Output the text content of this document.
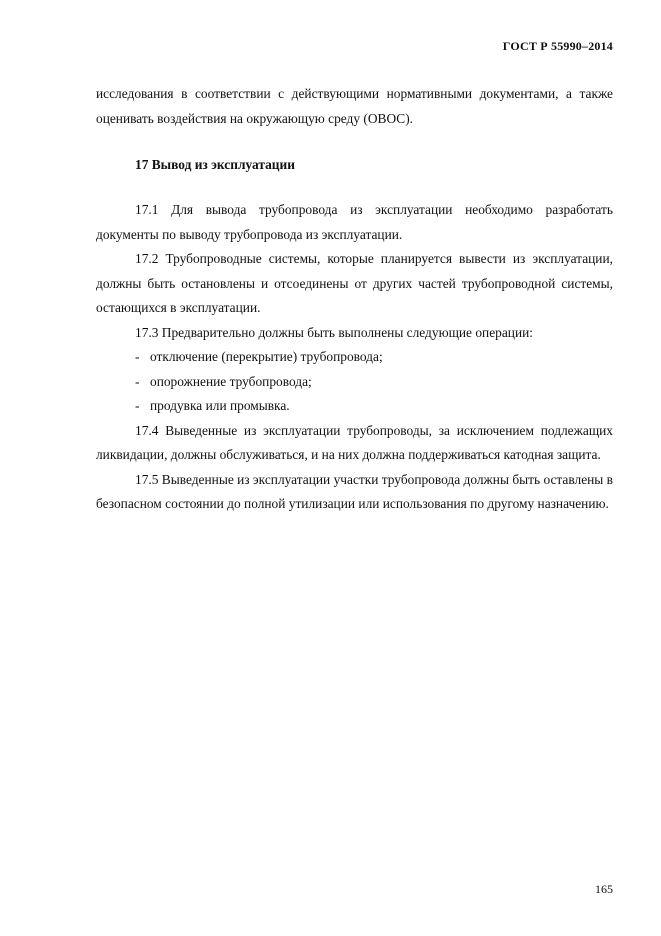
ГОСТ Р 55990–2014

исследования в соответствии с действующими нормативными документами, а также оценивать воздействия на окружающую среду (ОВОС).

17 Вывод из эксплуатации

17.1 Для вывода трубопровода из эксплуатации необходимо разработать документы по выводу трубопровода из эксплуатации.

17.2 Трубопроводные системы, которые планируется вывести из эксплуатации, должны быть остановлены и отсоединены от других частей трубопроводной системы, остающихся в эксплуатации.

17.3 Предварительно должны быть выполнены следующие операции:

- отключение (перекрытие) трубопровода;
- опорожнение трубопровода;
- продувка или промывка.

17.4 Выведенные из эксплуатации трубопроводы, за исключением подлежащих ликвидации, должны обслуживаться, и на них должна поддерживаться катодная защита.

17.5 Выведенные из эксплуатации участки трубопровода должны быть оставлены в безопасном состоянии до полной утилизации или использования по другому назначению.

165
